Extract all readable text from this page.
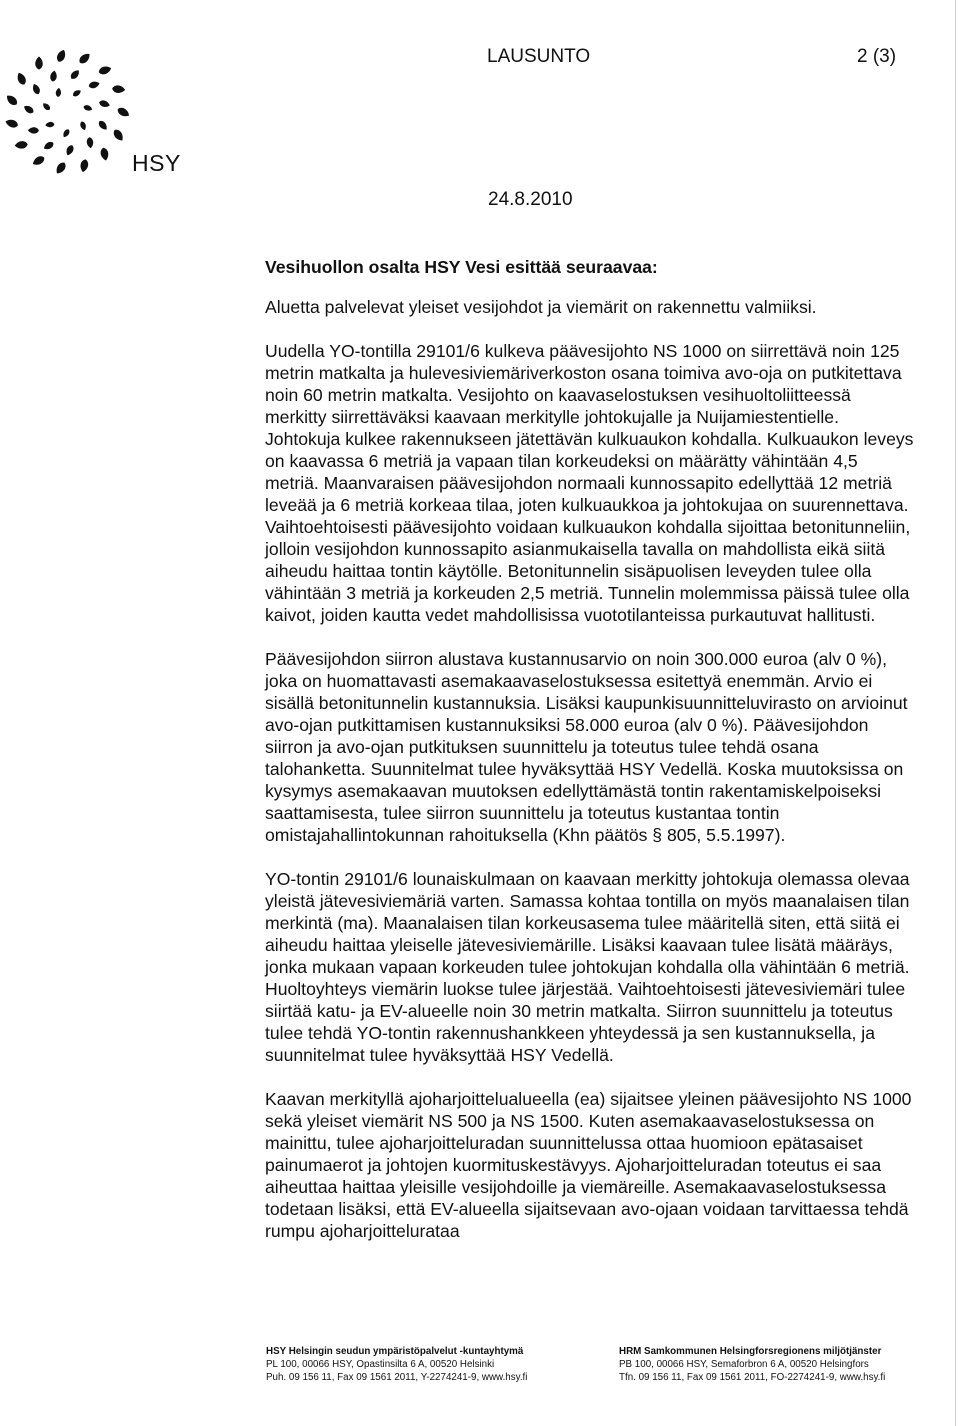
HSY
LAUSUNTO	2 (3)
24.8.2010

Vesihuollon osalta HSY Vesi esittää seuraavaa:

Aluetta palvelevat yleiset vesijohdot ja viemärit on rakennettu valmiiksi.

Uudella YO-tontilla 29101/6 kulkeva päävesijohto NS 1000 on siirrettävä noin 125 metrin matkalta ja hulevesiviemäriverkoston osana toimiva avo-oja on putkitettava noin 60 metrin matkalta. Vesijohto on kaavaselostuksen vesihuoltoliitteessä merkitty siirrettäväksi kaavaan merkitylle johtokujalle ja Nuijamiestentielle. Johtokuja kulkee rakennukseen jätettävän kulkuaukon kohdalla. Kulkuaukon leveys on kaavassa 6 metriä ja vapaan tilan korkeudeksi on määrätty vähintään 4,5 metriä. Maanvaraisen päävesijohdon normaali kunnossapito edellyttää 12 metriä leveää ja 6 metriä korkeaa tilaa, joten kulkuaukkoa ja johtokujaa on suurennettava. Vaihtoehtoisesti päävesijohto voidaan kulkuaukon kohdalla sijoittaa betonitunneliin, jolloin vesijohdon kunnossapito asianmukaisella tavalla on mahdollista eikä siitä aiheudu haittaa tontin käytölle. Betonitunnelin sisäpuolisen leveyden tulee olla vähintään 3 metriä ja korkeuden 2,5 metriä. Tunnelin molemmissa päissä tulee olla kaivot, joiden kautta vedet mahdollisissa vuototilanteissa purkautuvat hallitusti.

Päävesijohdon siirron alustava kustannusarvio on noin 300.000 euroa (alv 0 %), joka on huomattavasti asemakaavaselostuksessa esitettyä enemmän. Arvio ei sisällä betonitunnelin kustannuksia. Lisäksi kaupunkisuunnitteluvirasto on arvioinut avo-ojan putkittamisen kustannuksiksi 58.000 euroa (alv 0 %). Päävesijohdon siirron ja avo-ojan putkituksen suunnittelu ja toteutus tulee tehdä osana talohanketta. Suunnitelmat tulee hyväksyttää HSY Vedellä. Koska muutoksissa on kysymys asemakaavan muutoksen edellyttämästä tontin rakentamiskelpoiseksi saattamisesta, tulee siirron suunnittelu ja toteutus kustantaa tontin omistajahallintokunnan rahoituksella (Khn päätös § 805, 5.5.1997).

YO-tontin 29101/6 lounaiskulmaan on kaavaan merkitty johtokuja olemassa olevaa yleistä jätevesiviemäriä varten. Samassa kohtaa tontilla on myös maanalaisen tilan merkintä (ma). Maanalaisen tilan korkeusasema tulee määritellä siten, että siitä ei aiheudu haittaa yleiselle jätevesiviemärille. Lisäksi kaavaan tulee lisätä määräys, jonka mukaan vapaan korkeuden tulee johtokujan kohdalla olla vähintään 6 metriä. Huoltoyhteys viemärin luokse tulee järjestää. Vaihtoehtoisesti jätevesiviemäri tulee siirtää katu- ja EV-alueelle noin 30 metrin matkalta. Siirron suunnittelu ja toteutus tulee tehdä YO-tontin rakennushankkeen yhteydessä ja sen kustannuksella, ja suunnitelmat tulee hyväksyttää HSY Vedellä.

Kaavan merkityllä ajoharjoittelualueella (ea) sijaitsee yleinen päävesijohto NS 1000 sekä yleiset viemärit NS 500 ja NS 1500. Kuten asemakaavaselostuksessa on mainittu, tulee ajoharjoitteluradan suunnittelussa ottaa huomioon epätasaiset painumaerot ja johtojen kuormituskestävyys. Ajoharjoitteluradan toteutus ei saa aiheuttaa haittaa yleisille vesijohdoille ja viemäreille. Asemakaavaselostuksessa todetaan lisäksi, että EV-alueella sijaitsevaan avo-ojaan voidaan tarvittaessa tehdä rumpu ajoharjoittelurataa

HSY Helsingin seudun ympäristöpalvelut -kuntayhtymä
PL 100, 00066 HSY, Opastinsilta 6 A, 00520 Helsinki
Puh. 09 156 11, Fax 09 1561 2011, Y-2274241-9, www.hsy.fi
HRM Samkommunen Helsingforsregionens miljötjänster
PB 100, 00066 HSY, Semaforbron 6 A, 00520 Helsingfors
Tfn. 09 156 11, Fax 09 1561 2011, FO-2274241-9, www.hsy.fi
